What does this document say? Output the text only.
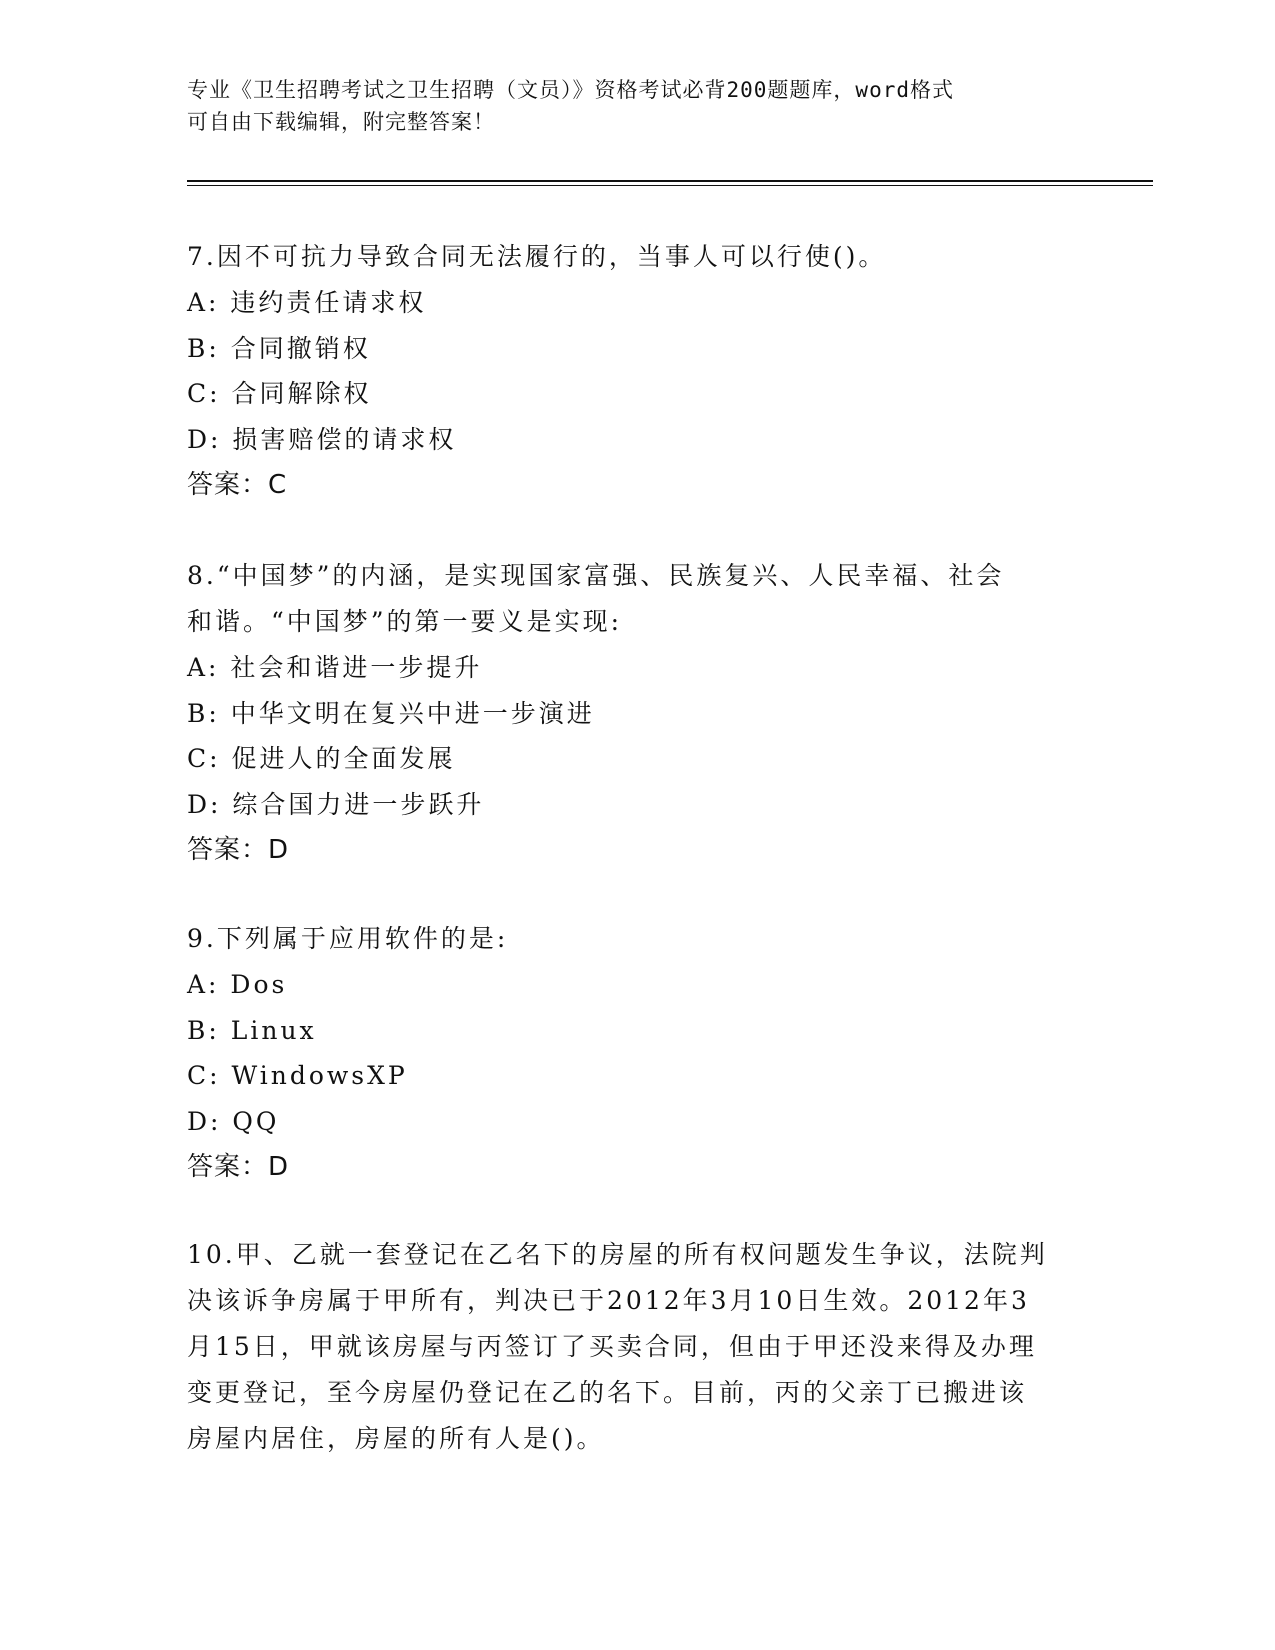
专业《卫生招聘考试之卫生招聘（文员）》资格考试必背200题题库，word格式
可自由下载编辑，附完整答案！
7.因不可抗力导致合同无法履行的，当事人可以行使()。
A: 违约责任请求权
B: 合同撤销权
C: 合同解除权
D: 损害赔偿的请求权
答案：C
8.“中国梦”的内涵，是实现国家富强、民族复兴、人民幸福、社会
和谐。“中国梦”的第一要义是实现:
A: 社会和谐进一步提升
B: 中华文明在复兴中进一步演进
C: 促进人的全面发展
D: 综合国力进一步跃升
答案：D
9.下列属于应用软件的是:
A: Dos
B: Linux
C: WindowsXP
D: QQ
答案：D
10.甲、乙就一套登记在乙名下的房屋的所有权问题发生争议，法院判
决该诉争房属于甲所有，判决已于2012年3月10日生效。2012年3
月15日，甲就该房屋与丙签订了买卖合同，但由于甲还没来得及办理
变更登记，至今房屋仍登记在乙的名下。目前，丙的父亲丁已搬进该
房屋内居住，房屋的所有人是()。
